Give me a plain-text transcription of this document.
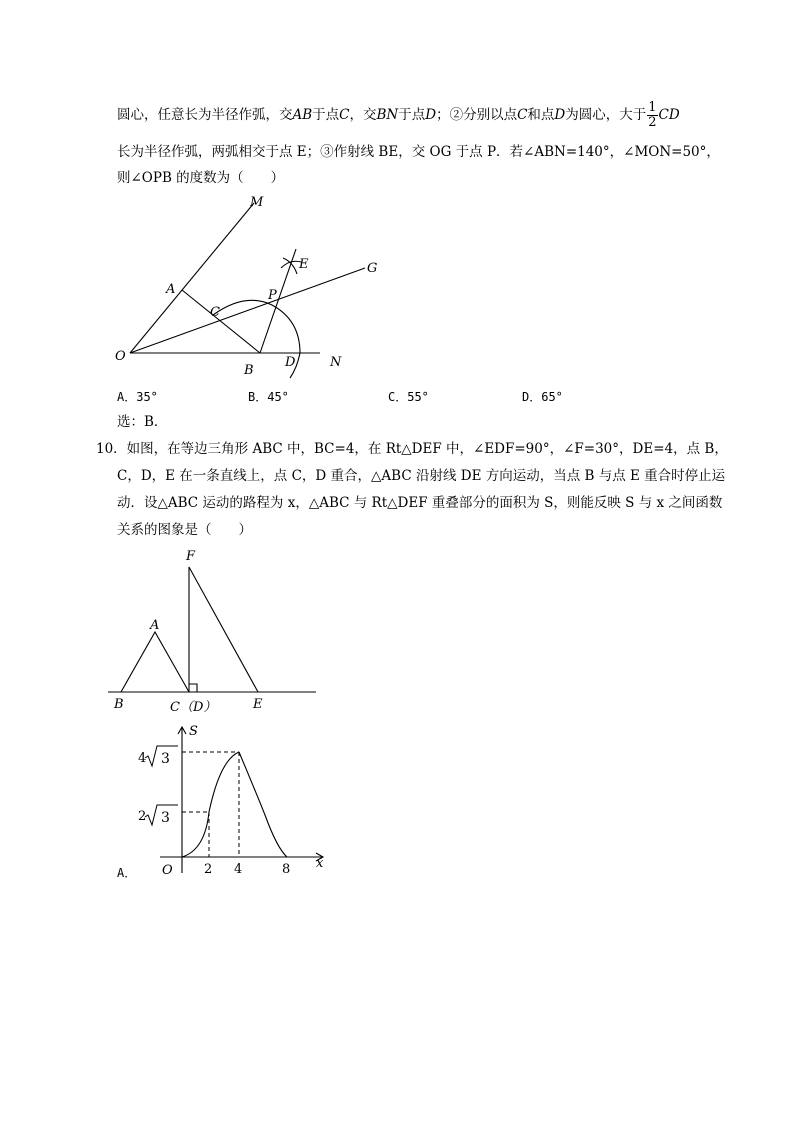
圆心，任意长为半径作弧，交AB于点C，交BN于点D；②分别以点C和点D为圆心，大于 $\frac{1}{2}$ CD
长为半径作弧，两弧相交于点 E；③作射线 BE，交 OG 于点 P．若∠ABN=140°，∠MON=50°，
则∠OPB 的度数为（　　）
M
G
E
A	P
C
O
B
D	N
A．35°	B．45°	C．55°	D．65°
选：B．
10．如图，在等边三角形 ABC 中，BC=4，在 Rt△DEF 中，∠EDF=90°，∠F=30°，DE=4，点 B，
C，D，E 在一条直线上，点 C，D 重合，△ABC 沿射线 DE 方向运动，当点 B 与点 E 重合时停止运
动．设△ABC 运动的路程为 x，△ABC 与 Rt△DEF 重叠部分的面积为 S，则能反映 S 与 x 之间函数
关系的图象是（　　）
F
A
B	C（D）	E
A．
S
x
O 2 4	8
4 3
2 3
